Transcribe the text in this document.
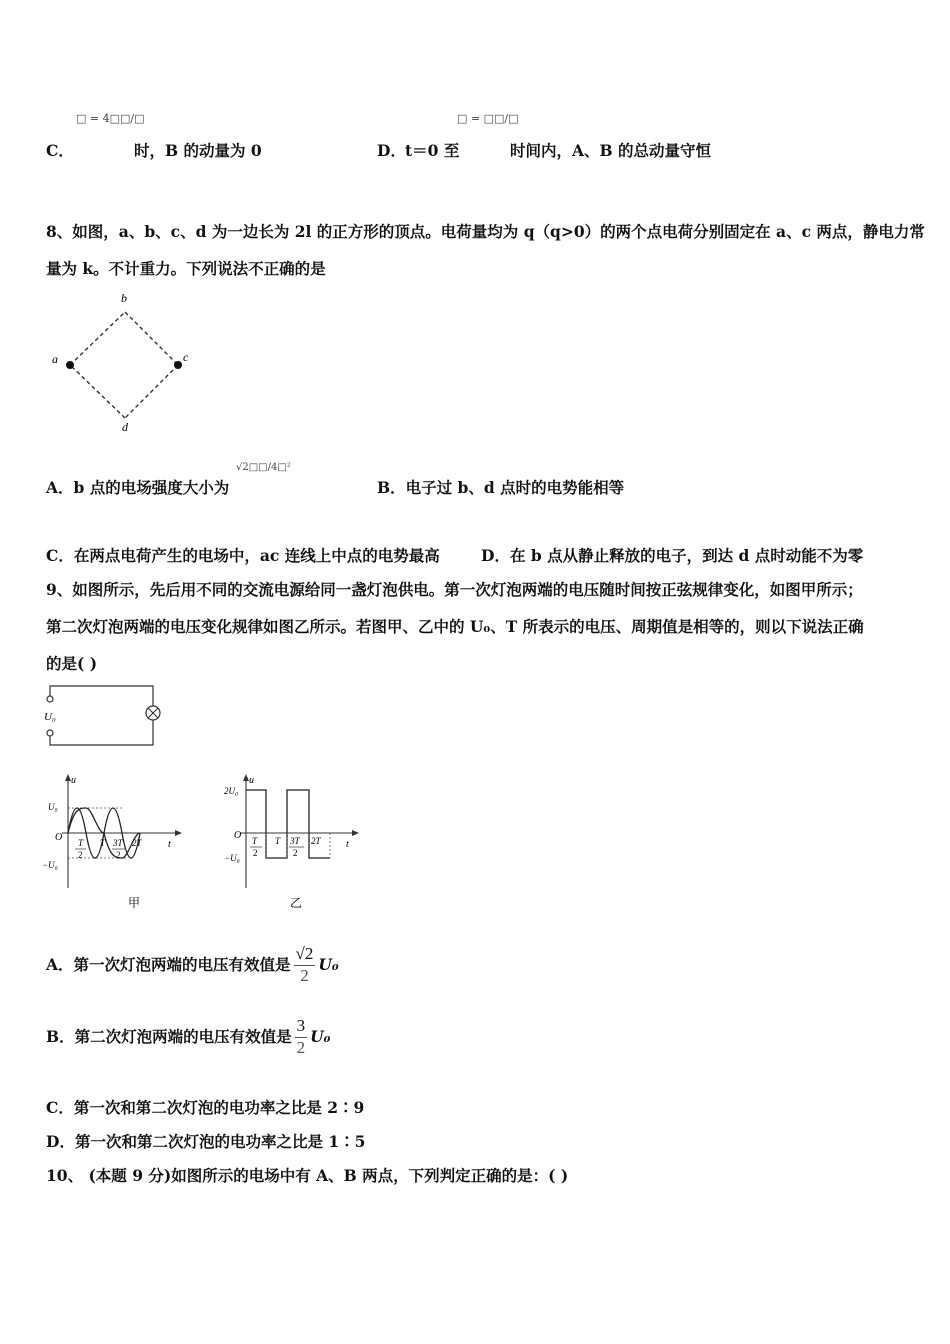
□ = 4□□/□
C．	时，B 的动量为 0	D． t＝0 至
□ = □□/□
时间内，A、B 的总动量守恒
8、如图，a、b、c、d 为一边长为 2l 的正方形的顶点。电荷量均为 q（q>0）的两个点电荷分别固定在 a、c 两点，静电力常
量为 k。不计重力。下列说法不正确的是
a
b
c
d
A．b 点的电场强度大小为
√2□□/4□²
B．电子过 b、d 点时的电势能相等
C．在两点电荷产生的电场中，ac 连线上中点的电势最高	D．在 b 点从静止释放的电子，到达 d 点时动能不为零
9、如图所示，先后用不同的交流电源给同一盏灯泡供电。第一次灯泡两端的电压随时间按正弦规律变化，如图甲所示；
第二次灯泡两端的电压变化规律如图乙所示。若图甲、乙中的 U₀、T 所表示的电压、周期值是相等的，则以下说法正确
的是( )
U₀
u
t
O
U₀
−U₀
T
2
T 3T
2
2T
甲
u
t
O
2U₀
−U₀
T
2
T 3T
2
2T
乙
A．第一次灯泡两端的电压有效值是 $\frac{√2}{2} U_0$
B．第二次灯泡两端的电压有效值是 $\frac{3}{2} U_0$
C．第一次和第二次灯泡的电功率之比是 2∶9
D．第一次和第二次灯泡的电功率之比是 1∶5
10、 (本题 9 分)如图所示的电场中有 A、B 两点，下列判定正确的是：( )
